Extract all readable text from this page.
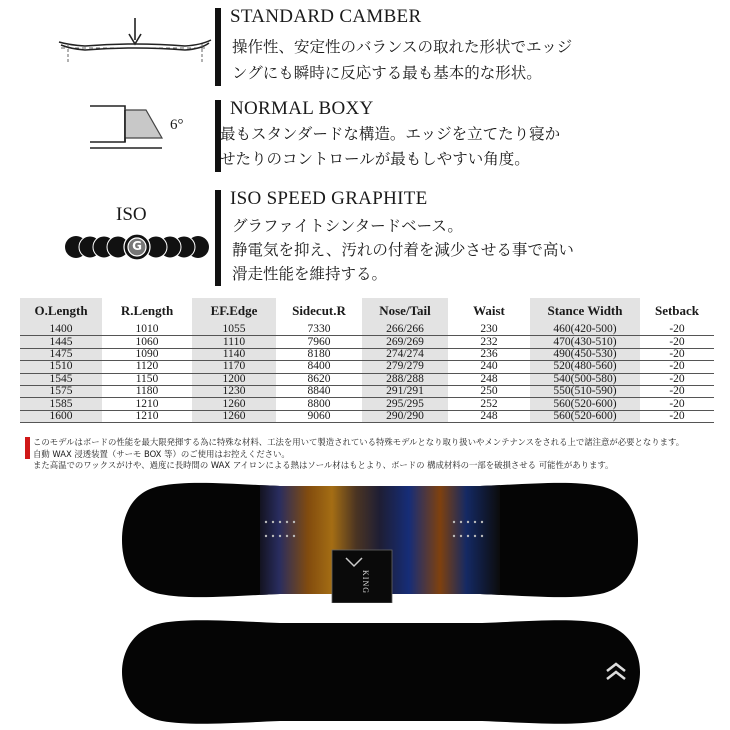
STANDARD CAMBER
操作性、安定性のバランスの取れた形状でエッジ
ングにも瞬時に反応する最も基本的な形状。
6°
NORMAL BOXY
最もスタンダードな構造。エッジを立てたり寝か
せたりのコントロールが最もしやすい角度。
ISO
G
ISO SPEED GRAPHITE
グラファイトシンタードベース。
静電気を抑え、汚れの付着を減少させる事で高い
滑走性能を維持する。
O.Length	R.Length	EF.Edge	Sidecut.R	Nose/Tail	Waist	Stance Width	Setback
1400	1010	1055	7330	266/266	230	460(420-500)	-20
1445	1060	1110	7960	269/269	232	470(430-510)	-20
1475	1090	1140	8180	274/274	236	490(450-530)	-20
1510	1120	1170	8400	279/279	240	520(480-560)	-20
1545	1150	1200	8620	288/288	248	540(500-580)	-20
1575	1180	1230	8840	291/291	250	550(510-590)	-20
1585	1210	1260	8800	295/295	252	560(520-600)	-20
1600	1210	1260	9060	290/290	248	560(520-600)	-20
このモデルはボードの性能を最大限発揮する為に特殊な材料、工法を用いて製造されている特殊モデルとなり取り扱いやメンテナンスをされる上で諸注意が必要となります。
自動 WAX 浸透装置（サーモ BOX 等）のご使用はお控えください。
また高温でのワックスがけや、過度に長時間の WAX アイロンによる熱はソール材はもとより、ボードの 構成材料の一部を破損させる 可能性があります。
KING
